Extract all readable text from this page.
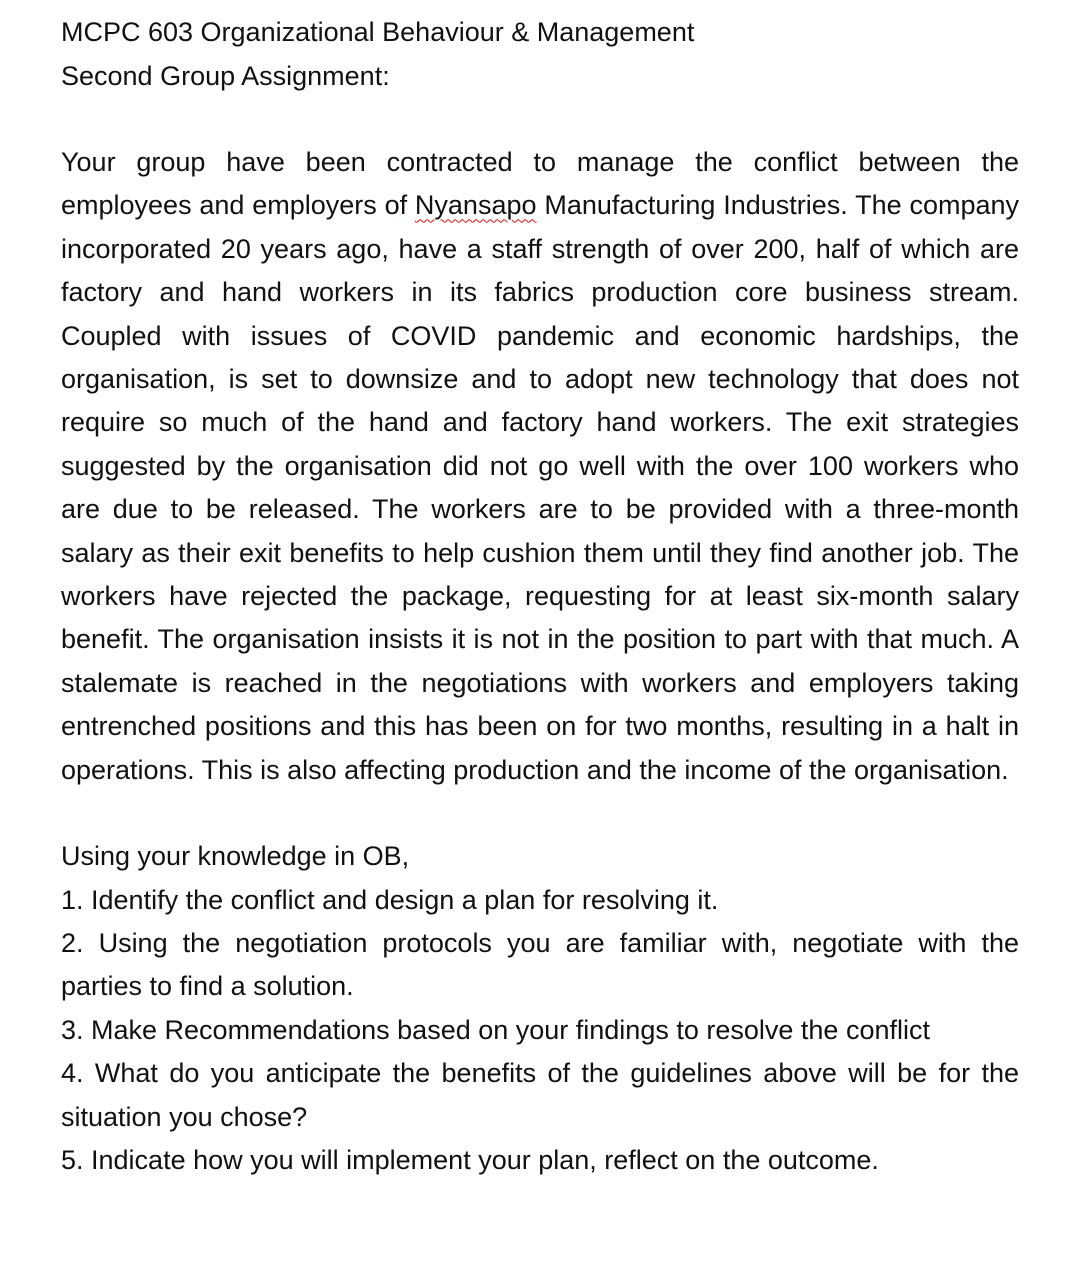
MCPC 603 Organizational Behaviour & Management
Second Group Assignment:
Your group have been contracted to manage the conflict between the employees and employers of Nyansapo Manufacturing Industries. The company incorporated 20 years ago, have a staff strength of over 200, half of which are factory and hand workers in its fabrics production core business stream. Coupled with issues of COVID pandemic and economic hardships, the organisation, is set to downsize and to adopt new technology that does not require so much of the hand and factory hand workers. The exit strategies suggested by the organisation did not go well with the over 100 workers who are due to be released. The workers are to be provided with a three-month salary as their exit benefits to help cushion them until they find another job. The workers have rejected the package, requesting for at least six-month salary benefit. The organisation insists it is not in the position to part with that much. A stalemate is reached in the negotiations with workers and employers taking entrenched positions and this has been on for two months, resulting in a halt in operations. This is also affecting production and the income of the organisation.
Using your knowledge in OB,
1. Identify the conflict and design a plan for resolving it.
2. Using the negotiation protocols you are familiar with, negotiate with the parties to find a solution.
3. Make Recommendations based on your findings to resolve the conflict
4. What do you anticipate the benefits of the guidelines above will be for the situation you chose?
5. Indicate how you will implement your plan, reflect on the outcome.
